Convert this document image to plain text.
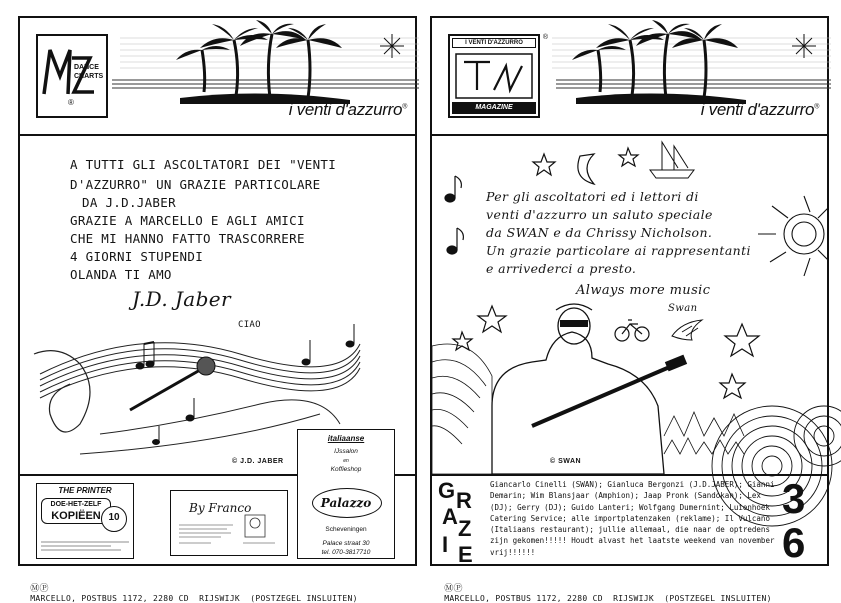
DANCE
CHARTS
®	i venti d'azzurro®
A TUTTI GLI ASCOLTATORI DEI "VENTI
D'AZZURRO" UN GRAZIE PARTICOLARE
DA J.D.JABER
GRAZIE A MARCELLO E AGLI AMICI
CHE MI HANNO FATTO TRASCORRERE
4 GIORNI STUPENDI
OLANDA TI AMO
J.D. Jaber
CIAO
© J.D. JABER
THE PRINTER
DOE-HET-ZELF
KOPIËEN 10
By Franco
italiaanse
IJssalon
en
Koffieshop
Palazzo
Scheveningen
Palace straat 30
tel. 070-3817710
I VENTI D'AZZURRO
MAGAZINE
®
i venti d'azzurro®
Per gli ascoltatori ed i lettori di
venti d'azzurro un saluto speciale
da SWAN e da Chrissy Nicholson.
Un grazie particolare ai rappresentanti
e arrivederci a presto.
Always more music
Swan
© SWAN
G R
A Z
I E
Giancarlo Cinelli (SWAN); Gianluca Bergonzi (J.D.JABER); Gianni Demarin; Wim Blansjaar (Amphion); Jaap Pronk (Sandokan); Lex (DJ); Gerry (DJ); Guido Lanteri; Wolfgang Dumernint; Luienhoek Catering Service; alle importplatenzaken (reklame); Il Vulcano (Italiaans restaurant); jullie allemaal, die naar de optredens zijn gekomen!!!!! Houdt alvast het laatste weekend van november vrij!!!!!!
3
6

ⓂⓅ
MARCELLO, POSTBUS 1172, 2280 CD  RIJSWIJK  (POSTZEGEL INSLUITEN)

ⓂⓅ
MARCELLO, POSTBUS 1172, 2280 CD  RIJSWIJK  (POSTZEGEL INSLUITEN)
